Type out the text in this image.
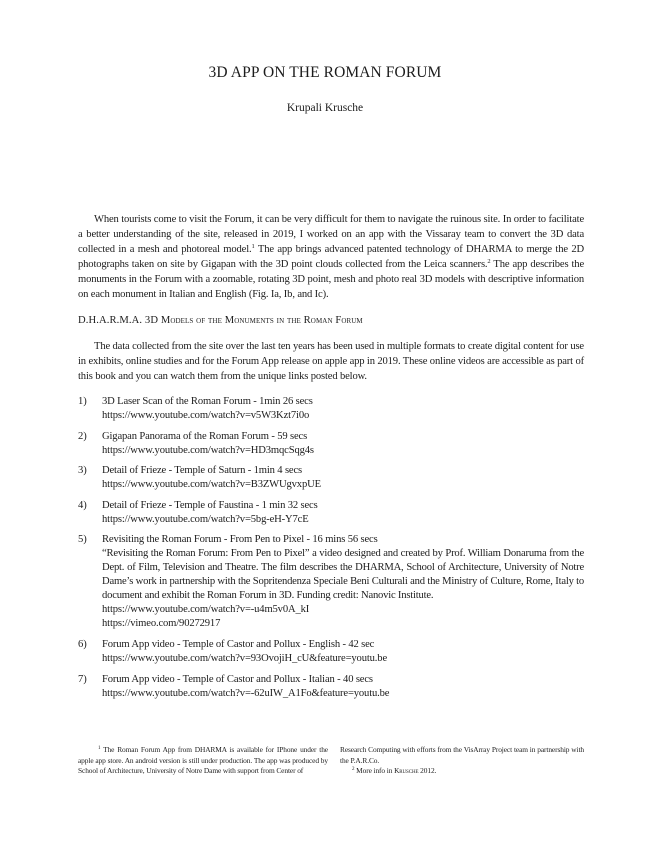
3D APP ON THE ROMAN FORUM
Krupali Krusche

When tourists come to visit the Forum, it can be very difficult for them to navigate the ruinous site. In order to facilitate a better understanding of the site, released in 2019, I worked on an app with the Vissaray team to convert the 3D data collected in a mesh and photoreal model.$^1$ The app brings advanced patented technology of DHARMA to merge the 2D photographs taken on site by Gigapan with the 3D point clouds collected from the Leica scanners.$^2$ The app describes the monuments in the Forum with a zoomable, rotating 3D point, mesh and photo real 3D models with descriptive information on each monument in Italian and English (Fig. Ia, Ib, and Ic).

D.H.A.R.M.A. 3D Models of the Monuments in the Roman Forum

The data collected from the site over the last ten years has been used in multiple formats to create digital content for use in exhibits, online studies and for the Forum App release on apple app in 2019. These online videos are accessible as part of this book and you can watch them from the unique links posted below.

1) 3D Laser Scan of the Roman Forum - 1min 26 secs
https://www.youtube.com/watch?v=v5W3Kzt7i0o
2) Gigapan Panorama of the Roman Forum - 59 secs
https://www.youtube.com/watch?v=HD3mqcSqg4s
3) Detail of Frieze - Temple of Saturn - 1min 4 secs
https://www.youtube.com/watch?v=B3ZWUgvxpUE
4) Detail of Frieze - Temple of Faustina - 1 min 32 secs
https://www.youtube.com/watch?v=5bg-eH-Y7cE
5) Revisiting the Roman Forum - From Pen to Pixel - 16 mins 56 secs
“Revisiting the Roman Forum: From Pen to Pixel” a video designed and created by Prof. William Donaruma from the Dept. of Film, Television and Theatre. The film describes the DHARMA, School of Architecture, University of Notre Dame’s work in partnership with the Sopritendenza Speciale Beni Culturali and the Ministry of Culture, Rome, Italy to document and exhibit the Roman Forum in 3D. Funding credit: Nanovic Institute.
https://www.youtube.com/watch?v=-u4m5v0A_kI
https://vimeo.com/90272917
6) Forum App video - Temple of Castor and Pollux - English - 42 sec
https://www.youtube.com/watch?v=93OvojiH_cU&feature=youtu.be
7) Forum App video - Temple of Castor and Pollux - Italian - 40 secs
https://www.youtube.com/watch?v=-62uIW_A1Fo&feature=youtu.be
$^1$ The Roman Forum App from DHARMA is available for IPhone under the apple app store. An android version is still under production. The app was produced by School of Architecture, University of Notre Dame with support from Center of
Research Computing with efforts from the VisArray Project team in partnership with the P.A.R.Co.
$^2$ More info in Krusche 2012.
